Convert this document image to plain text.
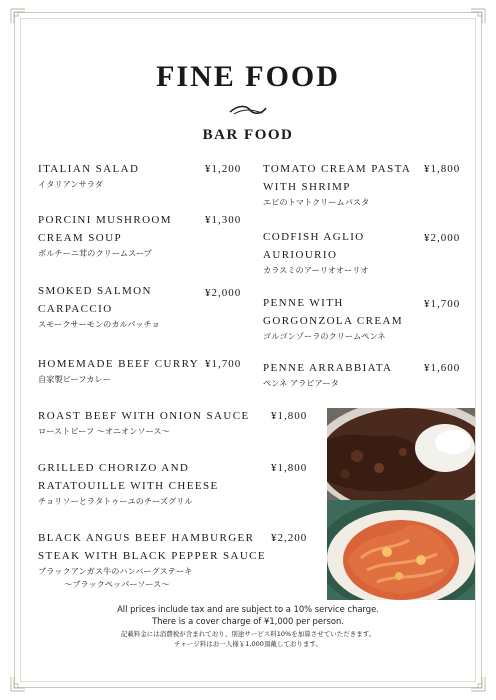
FINE FOOD
BAR FOOD
ITALIAN SALAD
イタリアンサラダ
¥1,200
PORCINI MUSHROOM
CREAM SOUP
ポルチーニ茸のクリームスープ
¥1,300
SMOKED SALMON
CARPACCIO
スモークサーモンのカルパッチョ
¥2,000
HOMEMADE BEEF CURRY
自家製ビーフカレー
¥1,700
TOMATO CREAM PASTA
WITH SHRIMP
エビのトマトクリームパスタ
¥1,800
CODFISH AGLIO
AURIOURIO
カラスミのアーリオオーリオ
¥2,000
PENNE WITH
GORGONZOLA CREAM
ゴルゴンゾーラのクリームペンネ
¥1,700
PENNE ARRABBIATA
ペンネ アラビアータ
¥1,600
ROAST BEEF WITH ONION SAUCE
ローストビーフ ～オニオンソース～
¥1,800
GRILLED CHORIZO AND
RATATOUILLE WITH CHEESE
チョリソーとラタトゥーユのチーズグリル
¥1,800
BLACK ANGUS BEEF HAMBURGER
STEAK WITH BLACK PEPPER SAUCE
ブラックアンガス牛のハンバーグステーキ
～ブラックペッパーソース～
¥2,200
All prices include tax and are subject to a 10% service charge.
There is a cover charge of ¥1,000 per person.
記載料金には消費税が含まれており、別途サービス料10%を加算させていただきます。
チャージ料はお一人様￥1,000頂戴しております。
